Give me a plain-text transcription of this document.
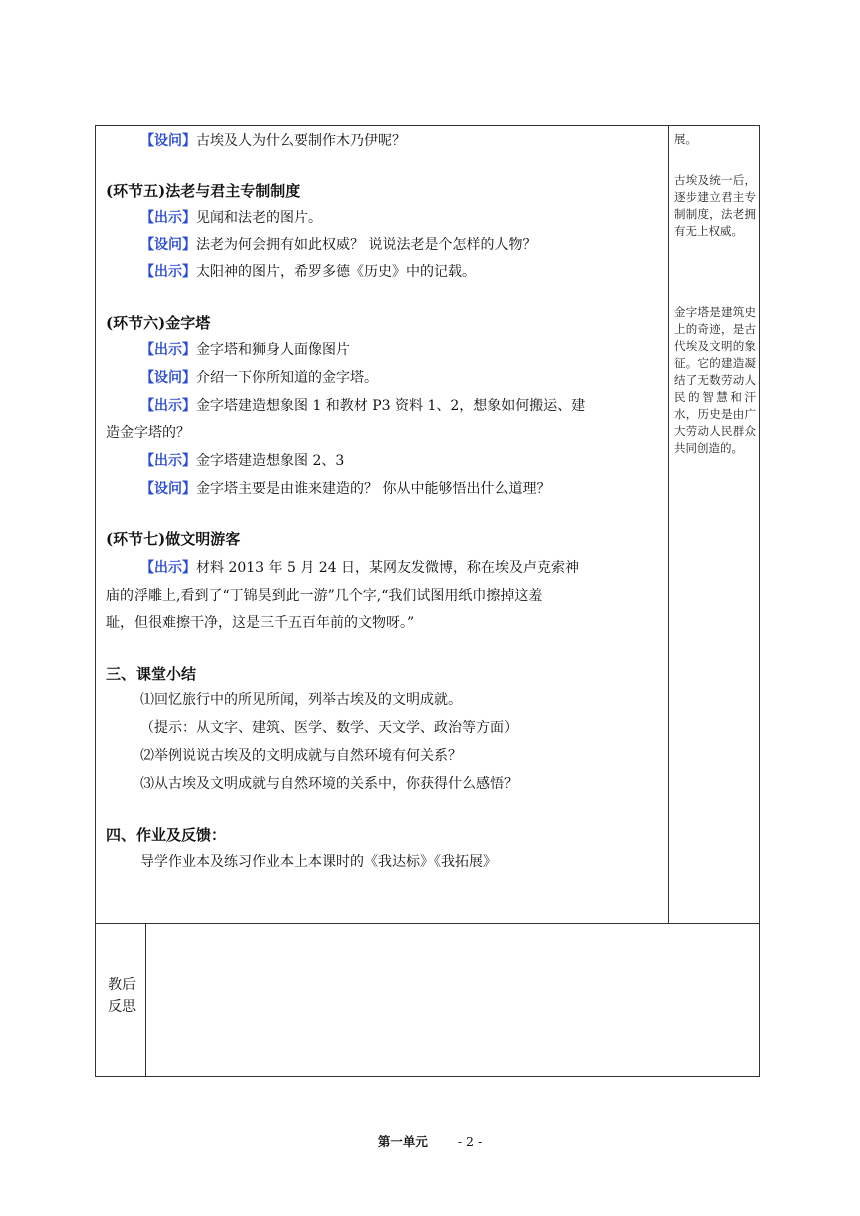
【设问】古埃及人为什么要制作木乃伊呢？
(环节五)法老与君主专制制度
【出示】见闻和法老的图片。
【设问】法老为何会拥有如此权威？ 说说法老是个怎样的人物？
【出示】太阳神的图片，希罗多德《历史》中的记载。
(环节六)金字塔
【出示】金字塔和狮身人面像图片
【设问】介绍一下你所知道的金字塔。
【出示】金字塔建造想象图 1 和教材 P3 资料 1、2，想象如何搬运、建
造金字塔的？
【出示】金字塔建造想象图 2、3
【设问】金字塔主要是由谁来建造的？ 你从中能够悟出什么道理？
(环节七)做文明游客
【出示】材料 2013 年 5 月 24 日，某网友发微博，称在埃及卢克索神
庙的浮雕上,看到了“丁锦昊到此一游”几个字,“我们试图用纸巾擦掉这羞
耻，但很难擦干净，这是三千五百年前的文物呀。”
三、课堂小结
⑴回忆旅行中的所见所闻，列举古埃及的文明成就。
（提示：从文字、建筑、医学、数学、天文学、政治等方面）
⑵举例说说古埃及的文明成就与自然环境有何关系？
⑶从古埃及文明成就与自然环境的关系中，你获得什么感悟？
四、作业及反馈：
导学作业本及练习作业本上本课时的《我达标》《我拓展》
展。
古埃及统一后，逐步建立君主专制制度，法老拥有无上权威。
金字塔是建筑史上的奇迹，是古代埃及文明的象征。它的建造凝结了无数劳动人民的智慧和汗水，历史是由广大劳动人民群众共同创造的。
教后反思
第一单元 - 2 -
